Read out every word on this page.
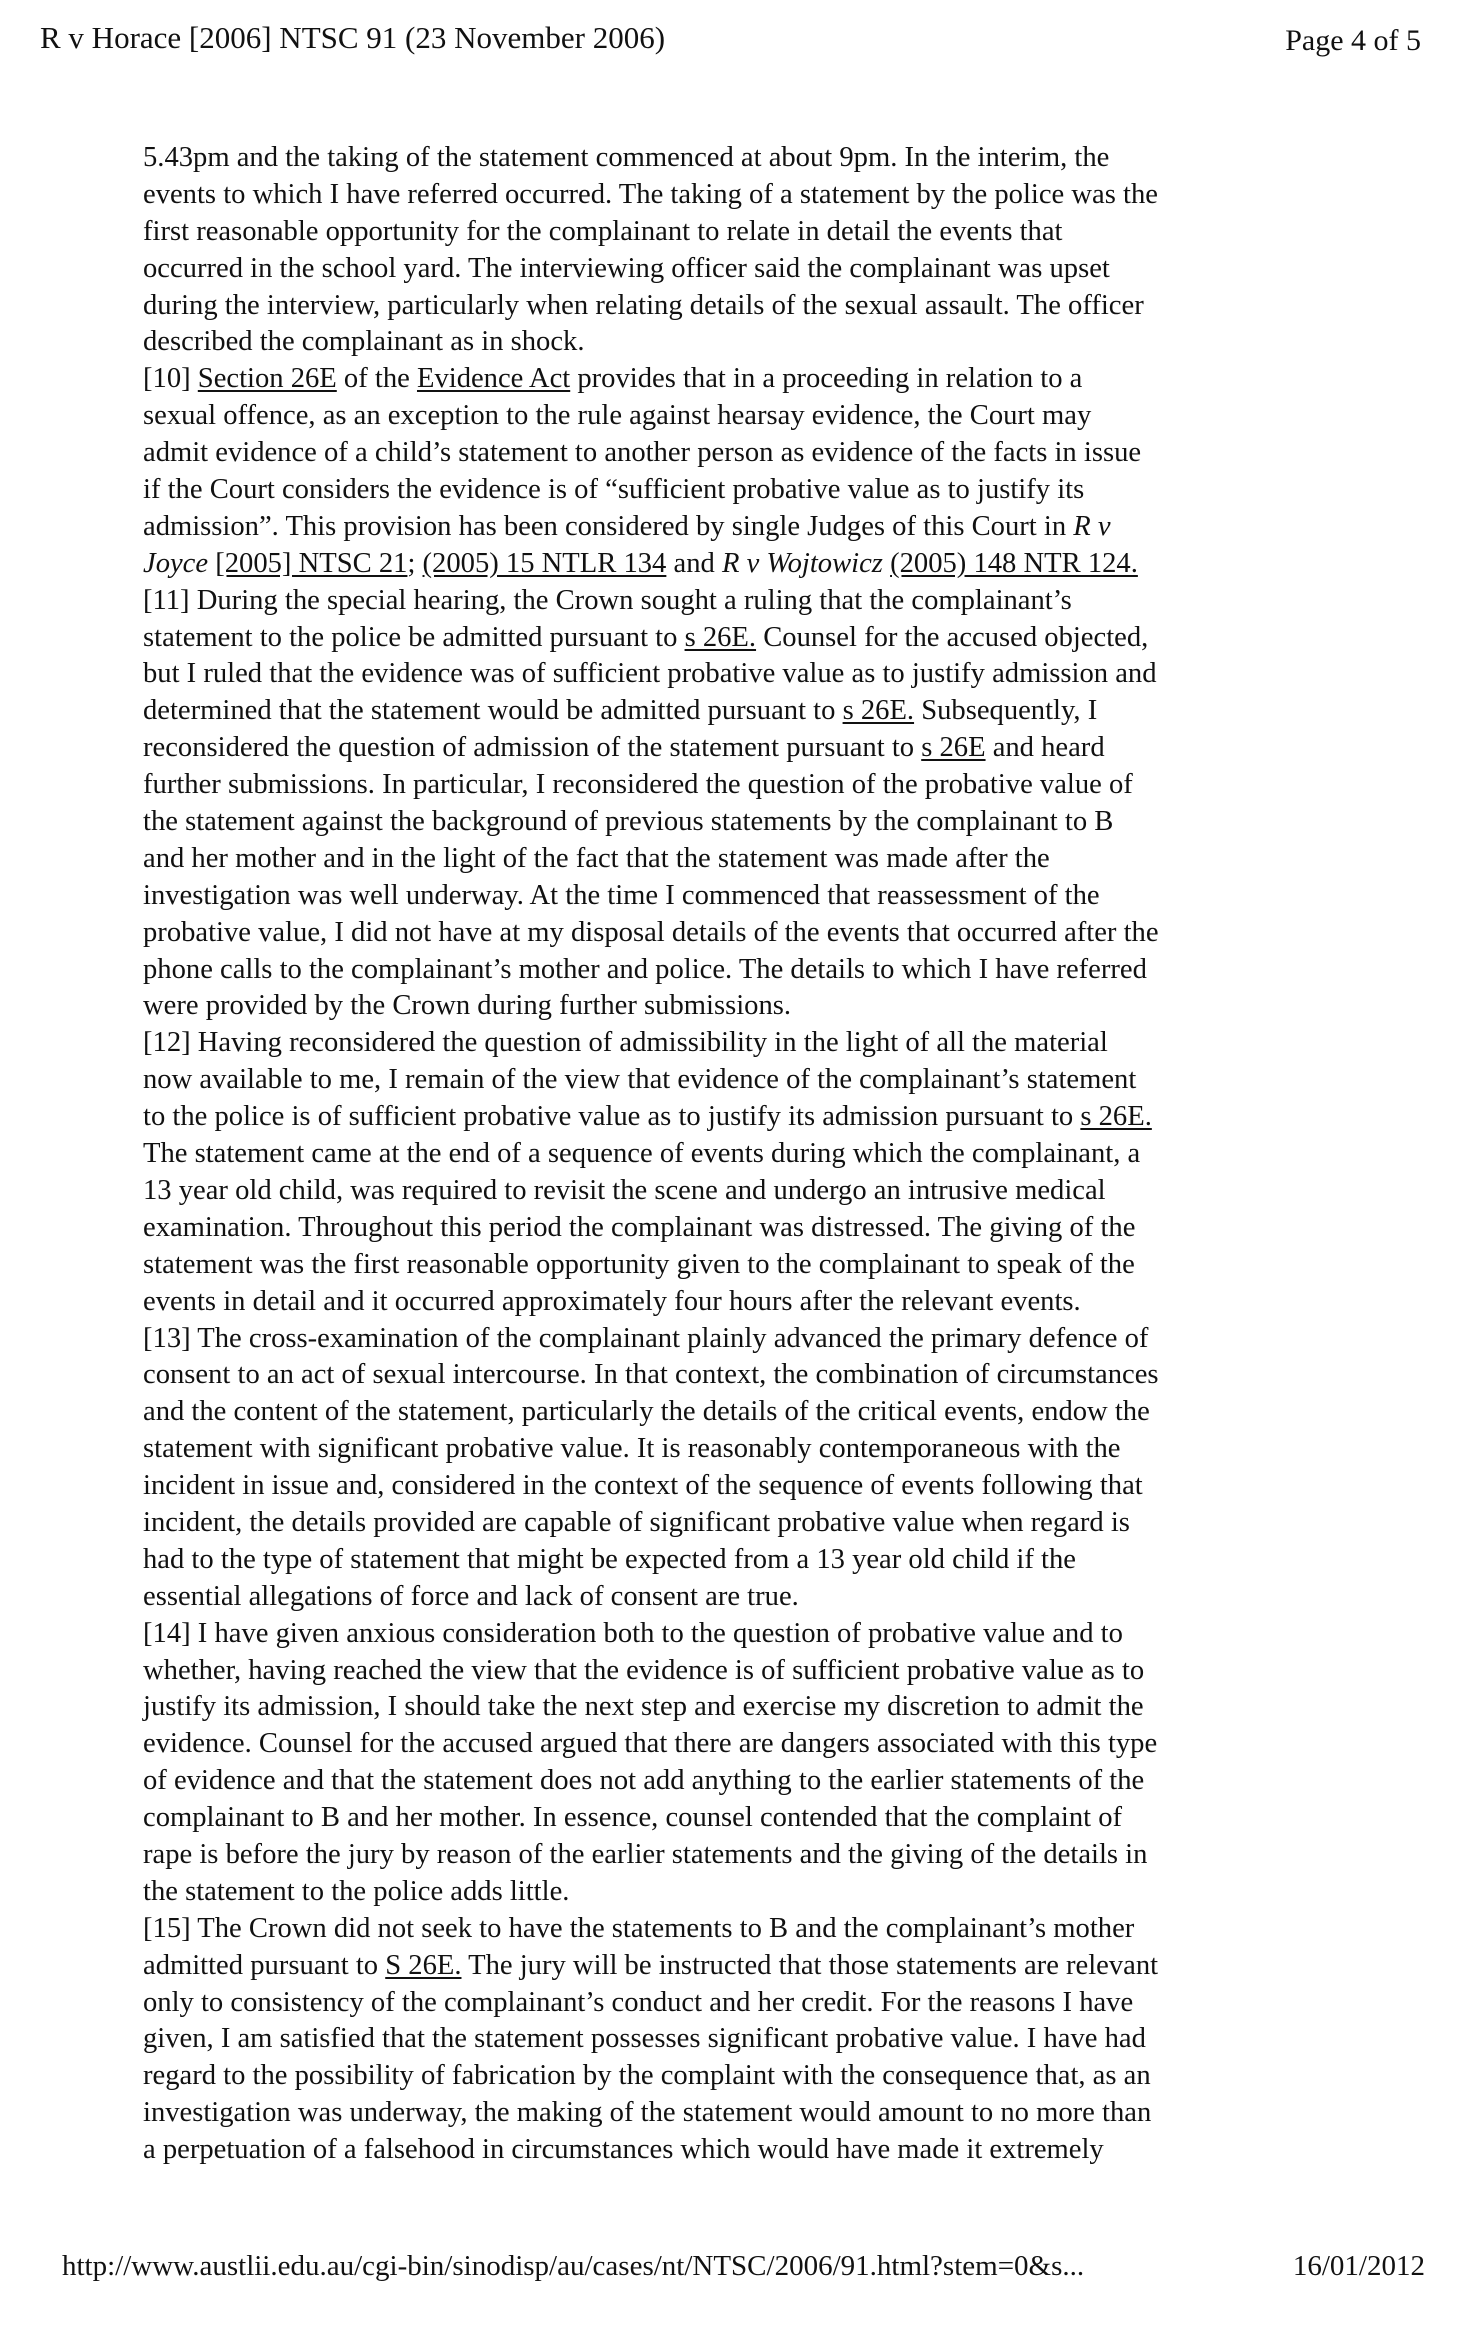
R v Horace [2006] NTSC 91 (23 November 2006)	Page 4 of 5
5.43pm and the taking of the statement commenced at about 9pm. In the interim, the
events to which I have referred occurred. The taking of a statement by the police was the
first reasonable opportunity for the complainant to relate in detail the events that
occurred in the school yard. The interviewing officer said the complainant was upset
during the interview, particularly when relating details of the sexual assault. The officer
described the complainant as in shock.
[10] Section 26E of the Evidence Act provides that in a proceeding in relation to a
sexual offence, as an exception to the rule against hearsay evidence, the Court may
admit evidence of a child’s statement to another person as evidence of the facts in issue
if the Court considers the evidence is of “sufficient probative value as to justify its
admission”. This provision has been considered by single Judges of this Court in R v
Joyce [2005] NTSC 21; (2005) 15 NTLR 134 and R v Wojtowicz (2005) 148 NTR 124.
[11] During the special hearing, the Crown sought a ruling that the complainant’s
statement to the police be admitted pursuant to s 26E. Counsel for the accused objected,
but I ruled that the evidence was of sufficient probative value as to justify admission and
determined that the statement would be admitted pursuant to s 26E. Subsequently, I
reconsidered the question of admission of the statement pursuant to s 26E and heard
further submissions. In particular, I reconsidered the question of the probative value of
the statement against the background of previous statements by the complainant to B
and her mother and in the light of the fact that the statement was made after the
investigation was well underway. At the time I commenced that reassessment of the
probative value, I did not have at my disposal details of the events that occurred after the
phone calls to the complainant’s mother and police. The details to which I have referred
were provided by the Crown during further submissions.
[12] Having reconsidered the question of admissibility in the light of all the material
now available to me, I remain of the view that evidence of the complainant’s statement
to the police is of sufficient probative value as to justify its admission pursuant to s 26E.
The statement came at the end of a sequence of events during which the complainant, a
13 year old child, was required to revisit the scene and undergo an intrusive medical
examination. Throughout this period the complainant was distressed. The giving of the
statement was the first reasonable opportunity given to the complainant to speak of the
events in detail and it occurred approximately four hours after the relevant events.
[13] The cross-examination of the complainant plainly advanced the primary defence of
consent to an act of sexual intercourse. In that context, the combination of circumstances
and the content of the statement, particularly the details of the critical events, endow the
statement with significant probative value. It is reasonably contemporaneous with the
incident in issue and, considered in the context of the sequence of events following that
incident, the details provided are capable of significant probative value when regard is
had to the type of statement that might be expected from a 13 year old child if the
essential allegations of force and lack of consent are true.
[14] I have given anxious consideration both to the question of probative value and to
whether, having reached the view that the evidence is of sufficient probative value as to
justify its admission, I should take the next step and exercise my discretion to admit the
evidence. Counsel for the accused argued that there are dangers associated with this type
of evidence and that the statement does not add anything to the earlier statements of the
complainant to B and her mother. In essence, counsel contended that the complaint of
rape is before the jury by reason of the earlier statements and the giving of the details in
the statement to the police adds little.
[15] The Crown did not seek to have the statements to B and the complainant’s mother
admitted pursuant to S 26E. The jury will be instructed that those statements are relevant
only to consistency of the complainant’s conduct and her credit. For the reasons I have
given, I am satisfied that the statement possesses significant probative value. I have had
regard to the possibility of fabrication by the complaint with the consequence that, as an
investigation was underway, the making of the statement would amount to no more than
a perpetuation of a falsehood in circumstances which would have made it extremely
http://www.austlii.edu.au/cgi-bin/sinodisp/au/cases/nt/NTSC/2006/91.html?stem=0&s...	16/01/2012
